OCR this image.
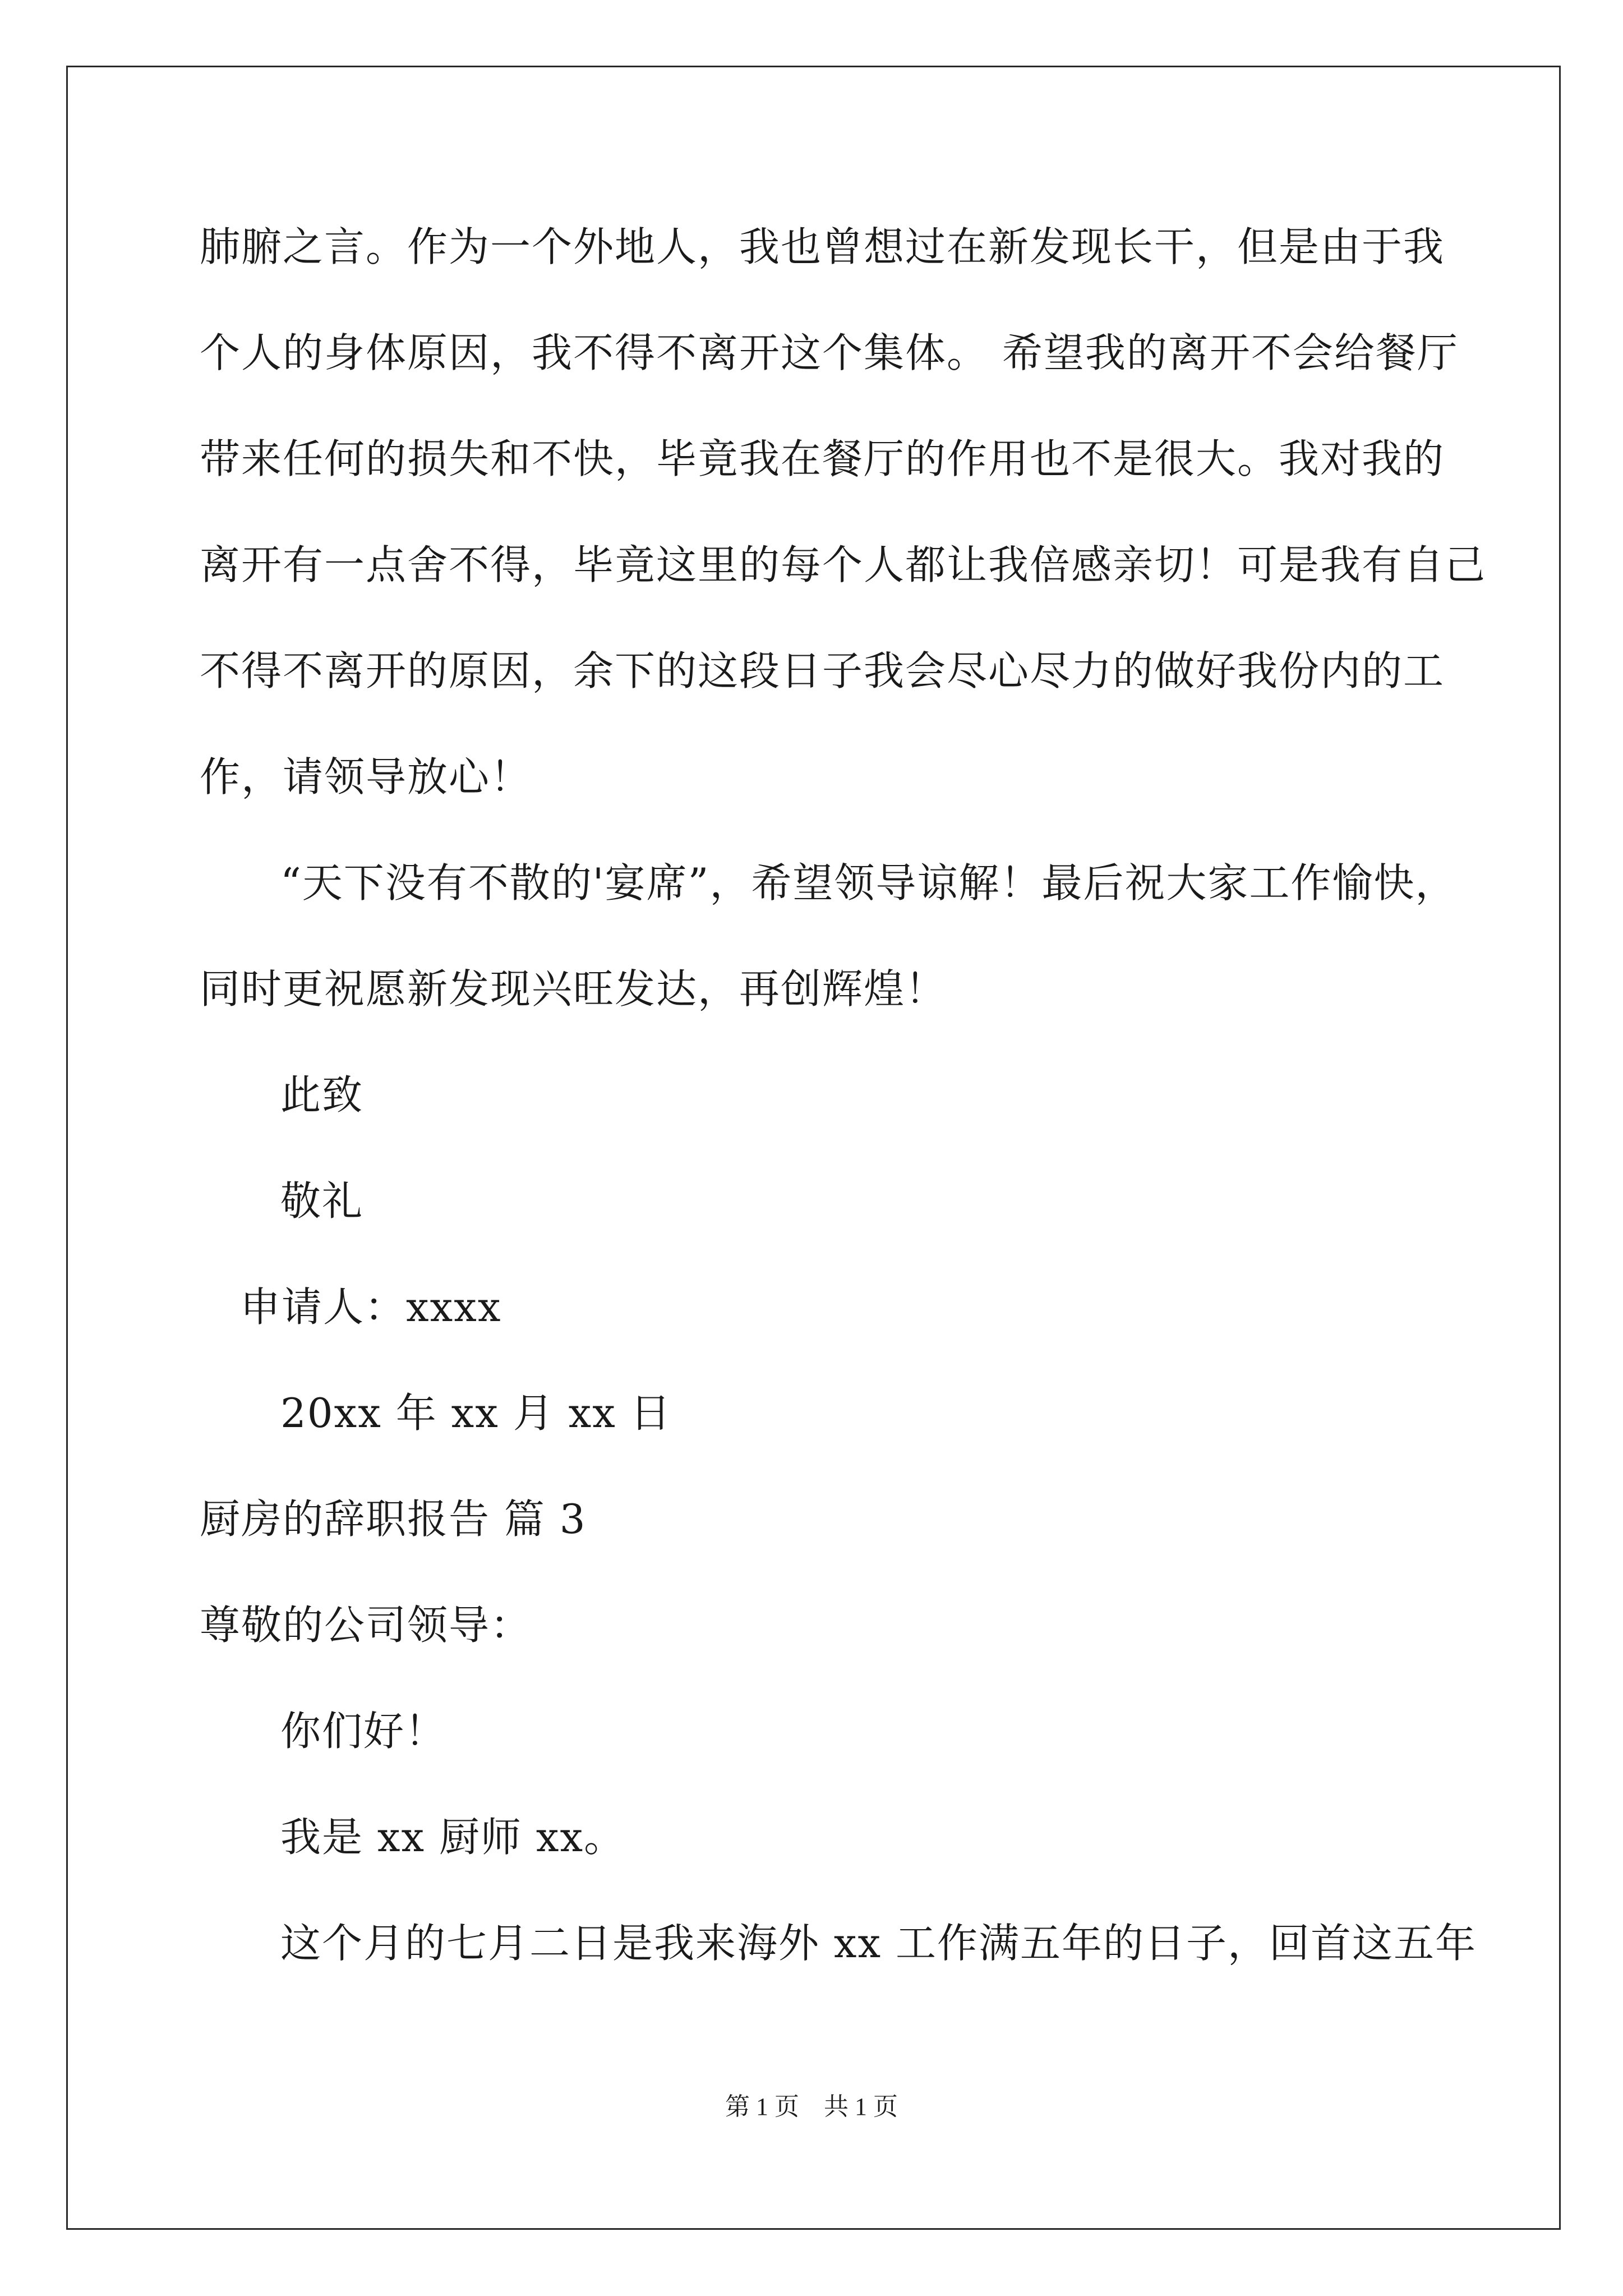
肺腑之言。作为一个外地人，我也曾想过在新发现长干，但是由于我
个人的身体原因，我不得不离开这个集体。 希望我的离开不会给餐厅
带来任何的损失和不快，毕竟我在餐厅的作用也不是很大。我对我的
离开有一点舍不得，毕竟这里的每个人都让我倍感亲切！可是我有自己
不得不离开的原因，余下的这段日子我会尽心尽力的做好我份内的工
作，请领导放心！
“天下没有不散的'宴席”，希望领导谅解！最后祝大家工作愉快，
同时更祝愿新发现兴旺发达，再创辉煌！
此致
敬礼
申请人：xxxx
20xx 年 xx 月 xx 日
厨房的辞职报告 篇 3
尊敬的公司领导：
你们好！
我是 xx 厨师 xx。
这个月的七月二日是我来海外 xx 工作满五年的日子，回首这五年
第 1 页　共 1 页
